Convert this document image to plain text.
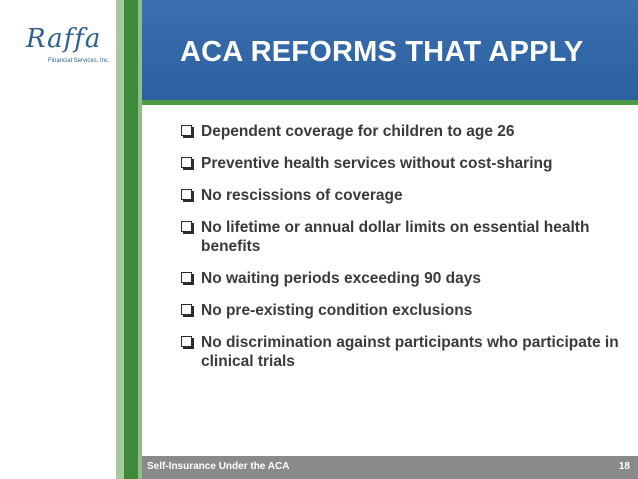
ACA REFORMS THAT APPLY
Raffa
Financial Services, Inc.
Dependent coverage for children to age 26
Preventive health services without cost-sharing
No rescissions of coverage
No lifetime or annual dollar limits on essential health benefits
No waiting periods exceeding 90 days
No pre-existing condition exclusions
No discrimination against participants who participate in clinical trials
Self-Insurance Under the ACA	18
